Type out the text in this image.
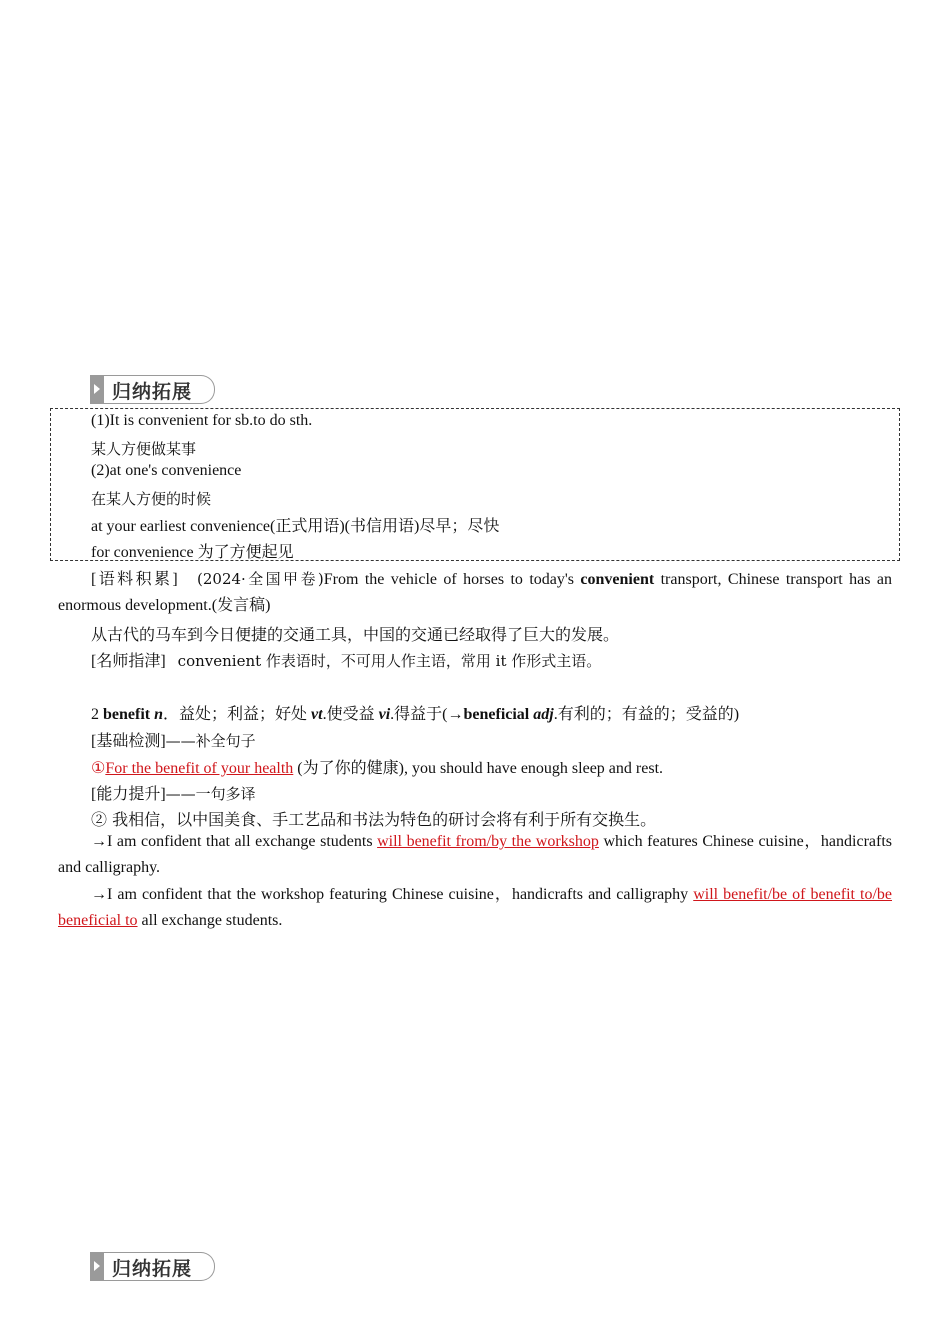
归纳拓展
(1)It is convenient for sb.to do sth.
某人方便做某事
(2)at one's convenience
在某人方便的时候
at your earliest convenience(正式用语)(书信用语)尽早；尽快
for convenience 为了方便起见
[语料积累] (2024·全国甲卷)From the vehicle of horses to today's convenient transport, Chinese transport has an enormous development.(发言稿)
从古代的马车到今日便捷的交通工具，中国的交通已经取得了巨大的发展。
[名师指津] convenient 作表语时，不可用人作主语，常用 it 作形式主语。
2 benefit n．益处；利益；好处 vt.使受益 vi.得益于(→beneficial adj.有利的；有益的；受益的)
[基础检测]——补全句子
①For the benefit of your health (为了你的健康), you should have enough sleep and rest.
[能力提升]——一句多译
② 我相信，以中国美食、手工艺品和书法为特色的研讨会将有利于所有交换生。
→I am confident that all exchange students will benefit from/by the workshop which features Chinese cuisine，handicrafts and calligraphy.
→I am confident that the workshop featuring Chinese cuisine，handicrafts and calligraphy will benefit/be of benefit to/be beneficial to all exchange students.
归纳拓展
